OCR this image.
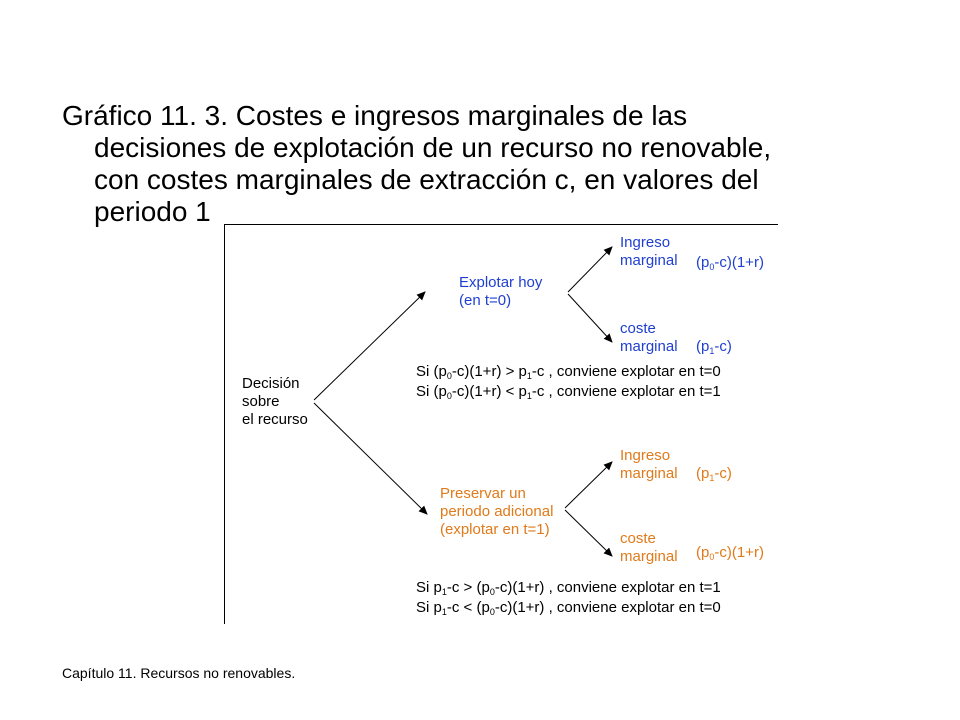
Gráfico 11. 3. Costes e ingresos marginales de las
decisiones de explotación de un recurso no renovable,
con costes marginales de extracción c, en valores del
periodo 1
Decisión
sobre
el recurso
Explotar hoy
(en t=0)
Ingreso
marginal $(p_0-c)(1+r)$
coste
marginal $(p_1-c)$
Si $(p_0-c)(1+r) > p_1-c$ , conviene explotar en t=0
Si $(p_0-c)(1+r) < p_1-c$ , conviene explotar en t=1
Preservar un
periodo adicional
(explotar en t=1)
Ingreso
marginal $(p_1-c)$
coste
marginal $(p_0-c)(1+r)$
Si $p_1-c > (p_0-c)(1+r)$ , conviene explotar en t=1
Si $p_1-c < (p_0-c)(1+r)$ , conviene explotar en t=0
Capítulo 11. Recursos no renovables.
